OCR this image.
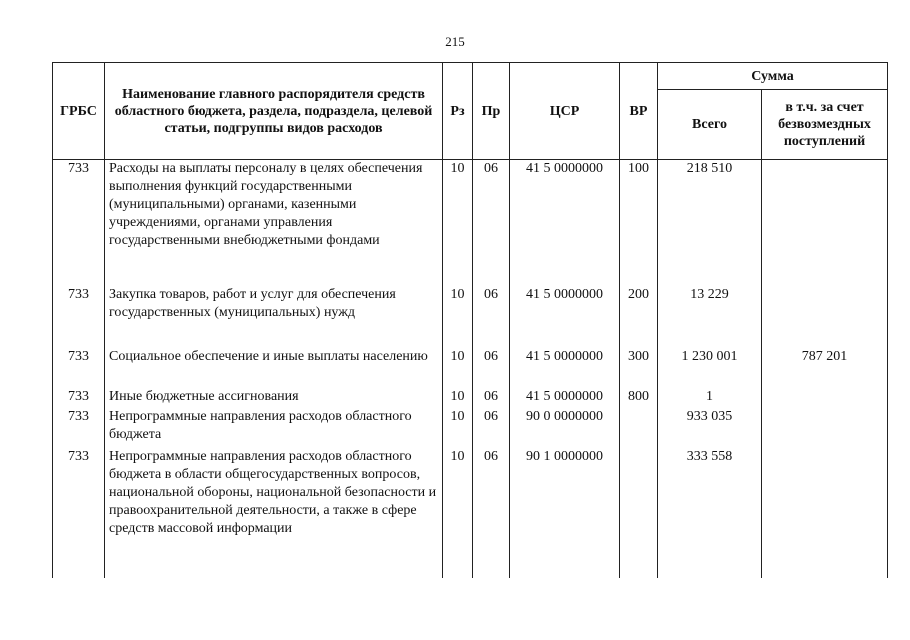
215
ГРБС	Наименование главного распорядителя средств областного бюджета, раздела, подраздела, целевой статьи, подгруппы видов расходов	Рз	Пр	ЦСР	ВР	Сумма	
						Всего	в т.ч. за счет безвозмездных поступлений
733	Расходы на выплаты персоналу в целях обеспечения выполнения функций государственными (муниципальными) органами, казенными учреждениями, органами управления государственными внебюджетными фондами	10	06	41 5 0000000	100	218 510	
733	Закупка товаров, работ и услуг для обеспечения государственных (муниципальных) нужд	10	06	41 5 0000000	200	13 229	
733	Социальное обеспечение и иные выплаты населению	10	06	41 5 0000000	300	1 230 001	787 201
733	Иные бюджетные ассигнования	10	06	41 5 0000000	800	1	
733	Непрограммные направления расходов областного бюджета	10	06	90 0 0000000		933 035	
733	Непрограммные направления расходов областного бюджета в области общегосударственных вопросов, национальной обороны, национальной безопасности и правоохранительной деятельности, а также в сфере средств массовой информации	10	06	90 1 0000000		333 558	
